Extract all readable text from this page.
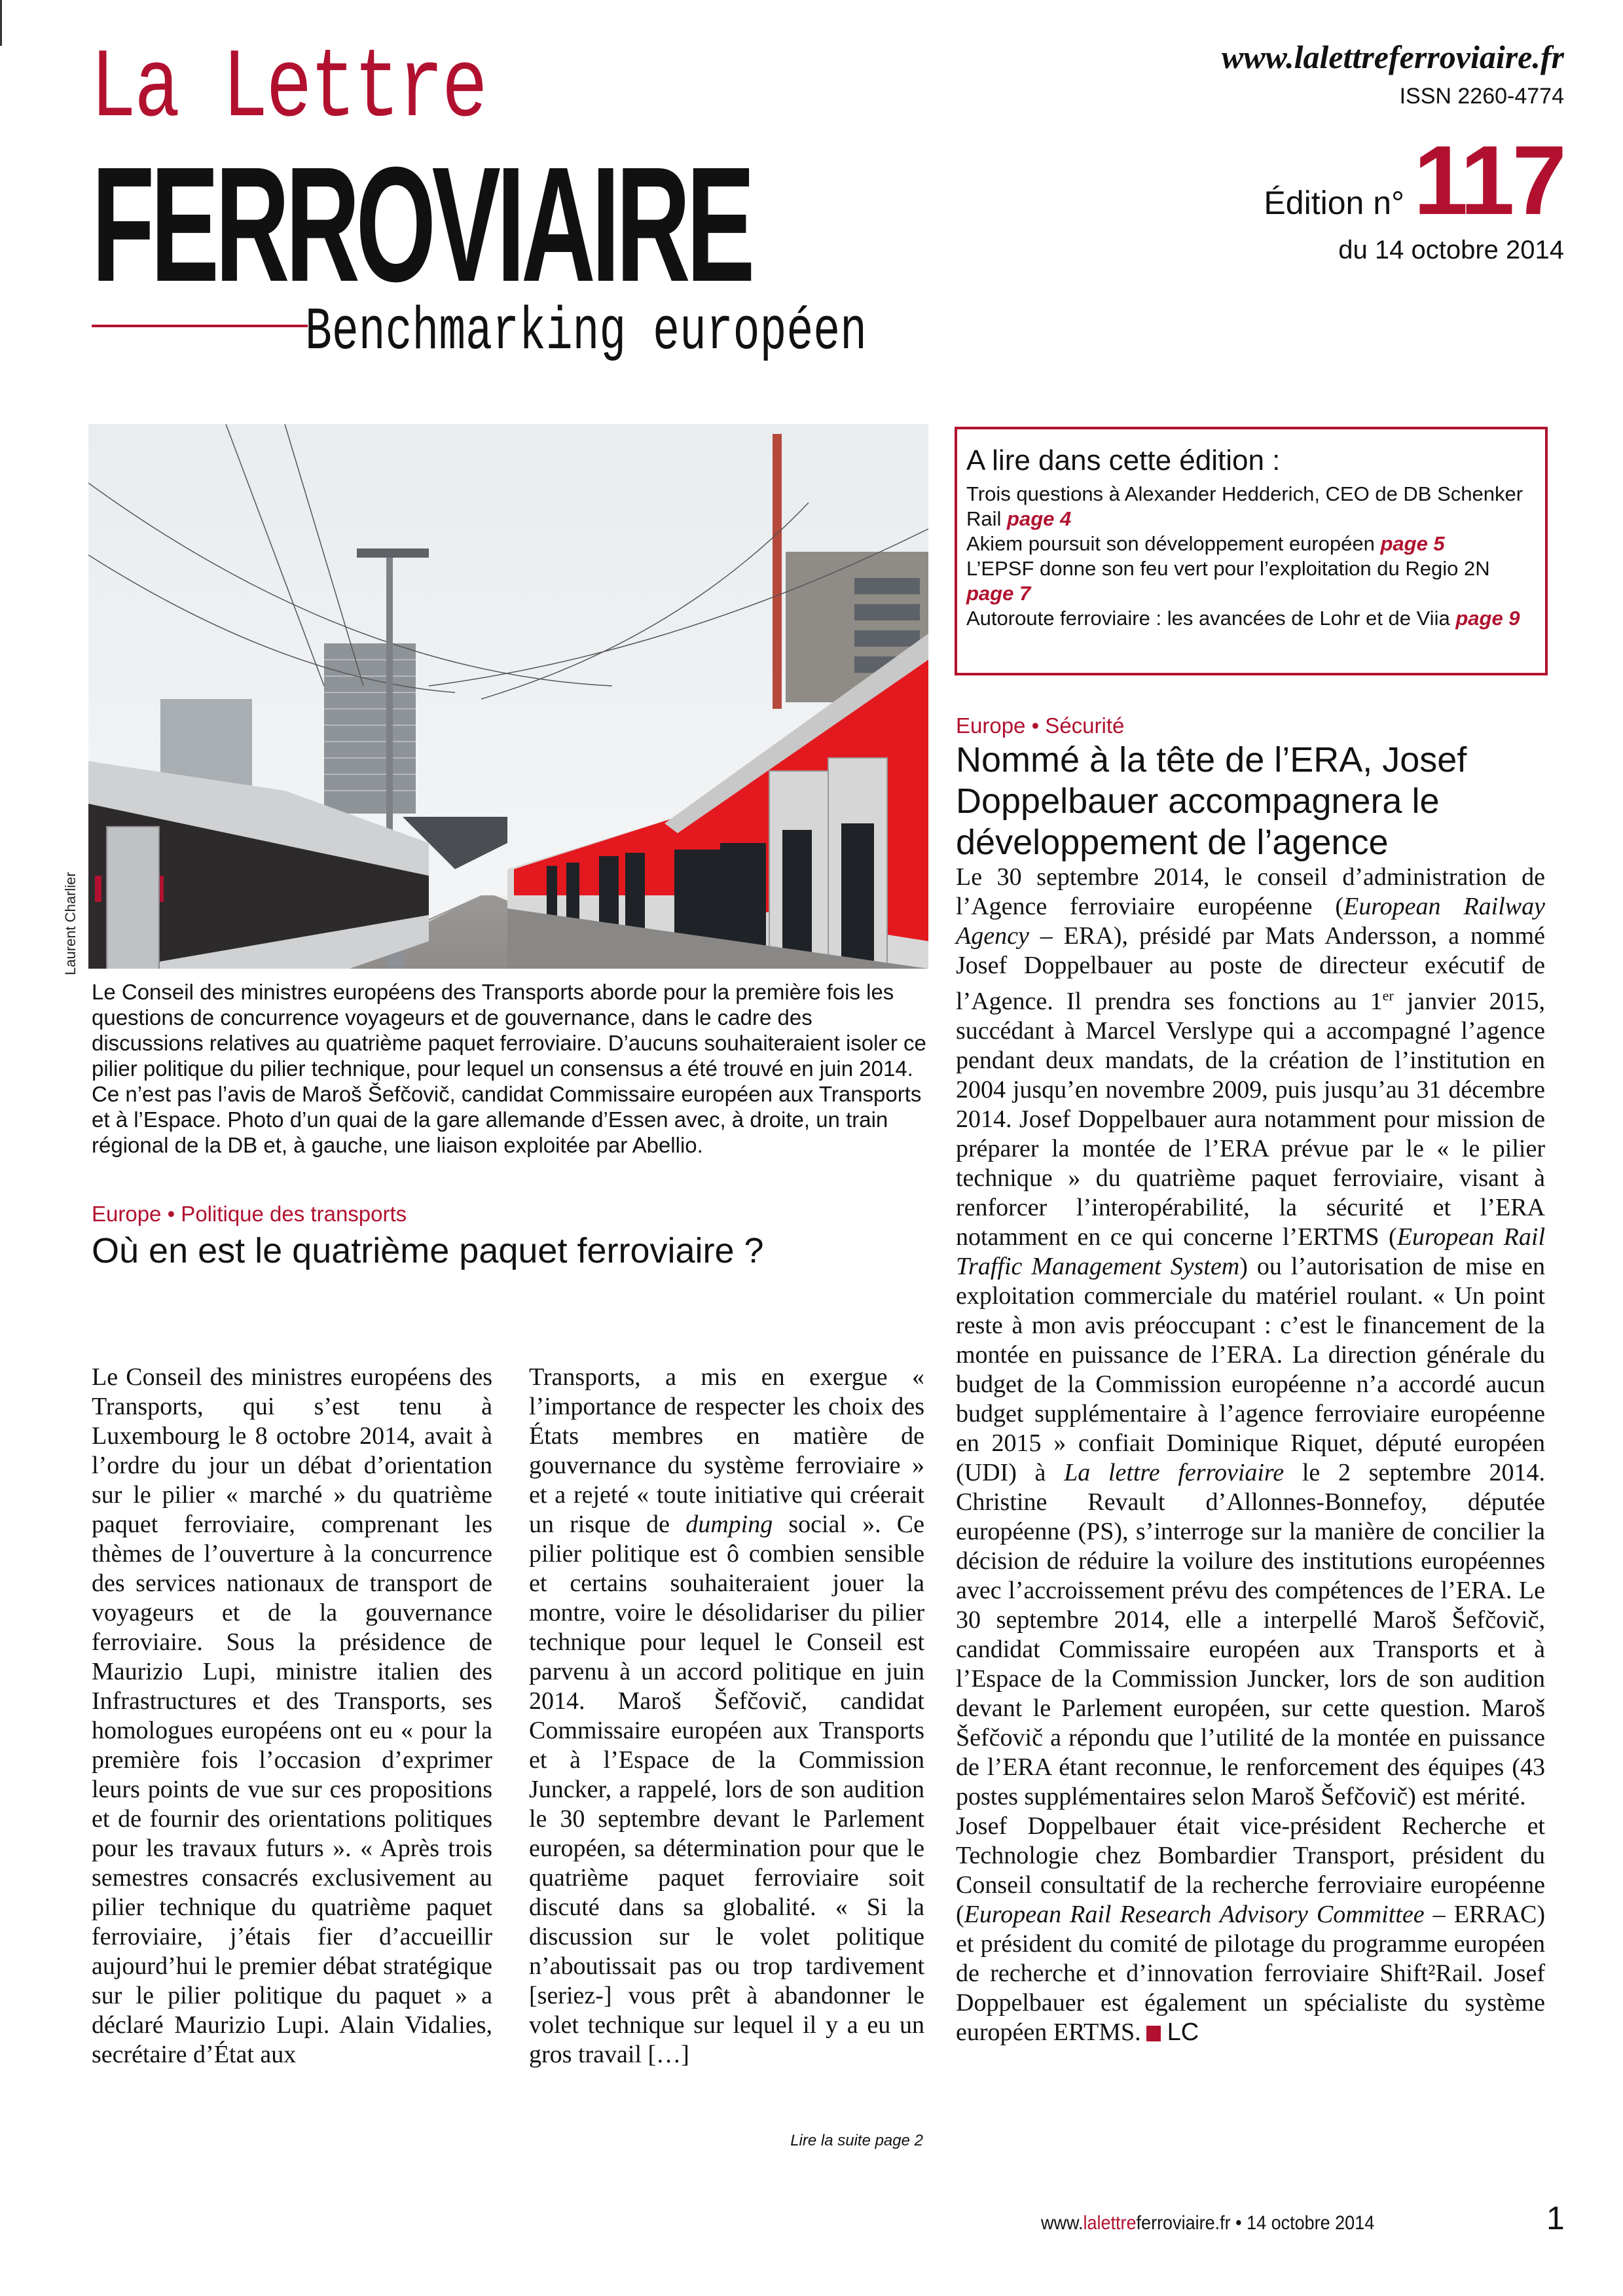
La Lettre
FERROVIAIRE
Benchmarking européen
www.lalettreferroviaire.fr
ISSN 2260-4774
Édition n°117
du 14 octobre 2014
Laurent Charlier
Le Conseil des ministres européens des Transports aborde pour la première fois les questions de concurrence voyageurs et de gouvernance, dans le cadre des discussions relatives au quatrième paquet ferroviaire. D’aucuns souhaiteraient isoler ce pilier politique du pilier technique, pour lequel un consensus a été trouvé en juin 2014. Ce n’est pas l’avis de Maroš Šefčovič, candidat Commissaire européen aux Transports et à l’Espace. Photo d’un quai de la gare allemande d’Essen avec, à droite, un train régional de la DB et, à gauche, une liaison exploitée par Abellio.
A lire dans cette édition :
Trois questions à Alexander Hedderich, CEO de DB Schenker Rail page 4
Akiem poursuit son développement européen page 5
L’EPSF donne son feu vert pour l’exploitation du Regio 2N page 7
Autoroute ferroviaire : les avancées de Lohr et de Viia page 9
Europe • Sécurité
Nommé à la tête de l’ERA, Josef Doppelbauer accompagnera le développement de l’agence
Le 30 septembre 2014, le conseil d’administration de l’Agence ferroviaire européenne (European Railway Agency – ERA), présidé par Mats Andersson, a nommé Josef Doppelbauer au poste de directeur exécutif de l’Agence. Il prendra ses fonctions au 1er janvier 2015, succédant à Marcel Verslype qui a accompagné l’agence pendant deux mandats, de la création de l’institution en 2004 jusqu’en novembre 2009, puis jusqu’au 31 décembre 2014. Josef Doppelbauer aura notamment pour mission de préparer la montée de l’ERA prévue par le « le pilier technique » du quatrième paquet ferroviaire, visant à renforcer l’interopérabilité, la sécurité et l’ERA notamment en ce qui concerne l’ERTMS (European Rail Traffic Management System) ou l’autorisation de mise en exploitation commerciale du matériel roulant. « Un point reste à mon avis préoccupant : c’est le financement de la montée en puissance de l’ERA. La direction générale du budget de la Commission européenne n’a accordé aucun budget supplémentaire à l’agence ferroviaire européenne en 2015 » confiait Dominique Riquet, député européen (UDI) à La lettre ferroviaire le 2 septembre 2014. Christine Revault d’Allonnes-Bonnefoy, députée européenne (PS), s’interroge sur la manière de concilier la décision de réduire la voilure des institutions européennes avec l’accroissement prévu des compétences de l’ERA. Le 30 septembre 2014, elle a interpellé Maroš Šefčovič, candidat Commissaire européen aux Transports et à l’Espace de la Commission Juncker, lors de son audition devant le Parlement européen, sur cette question. Maroš Šefčovič a répondu que l’utilité de la montée en puissance de l’ERA étant reconnue, le renforcement des équipes (43 postes supplémentaires selon Maroš Šefčovič) est mérité.
Josef Doppelbauer était vice-président Recherche et Technologie chez Bombardier Transport, président du Conseil consultatif de la recherche ferroviaire européenne (European Rail Research Advisory Committee – ERRAC) et président du comité de pilotage du programme européen de recherche et d’innovation ferroviaire Shift²Rail. Josef Doppelbauer est également un spécialiste du système européen ERTMS. LC
Europe • Politique des transports
Où en est le quatrième paquet ferroviaire ?
Le Conseil des ministres européens des Transports, qui s’est tenu à Luxembourg le 8 octobre 2014, avait à l’ordre du jour un débat d’orientation sur le pilier « marché » du quatrième paquet ferroviaire, comprenant les thèmes de l’ouverture à la concurrence des services nationaux de transport de voyageurs et de la gouvernance ferroviaire. Sous la présidence de Maurizio Lupi, ministre italien des Infrastructures et des Transports, ses homologues européens ont eu « pour la première fois l’occasion d’exprimer leurs points de vue sur ces propositions et de fournir des orientations politiques pour les travaux futurs ». « Après trois semestres consacrés exclusivement au pilier technique du quatrième paquet ferroviaire, j’étais fier d’accueillir aujourd’hui le premier débat stratégique sur le pilier politique du paquet » a déclaré Maurizio Lupi. Alain Vidalies, secrétaire d’État aux
Transports, a mis en exergue « l’importance de respecter les choix des États membres en matière de gouvernance du système ferroviaire » et a rejeté « toute initiative qui créerait un risque de dumping social ». Ce pilier politique est ô combien sensible et certains souhaiteraient jouer la montre, voire le désolidariser du pilier technique pour lequel le Conseil est parvenu à un accord politique en juin 2014. Maroš Šefčovič, candidat Commissaire européen aux Transports et à l’Espace de la Commission Juncker, a rappelé, lors de son audition le 30 septembre devant le Parlement européen, sa détermination pour que le quatrième paquet ferroviaire soit discuté dans sa globalité. « Si la discussion sur le volet politique n’aboutissait pas ou trop tardivement [seriez-] vous prêt à abandonner le volet technique sur lequel il y a eu un gros travail […]
Lire la suite page 2
www.lalettreferroviaire.fr • 14 octobre 2014	1
